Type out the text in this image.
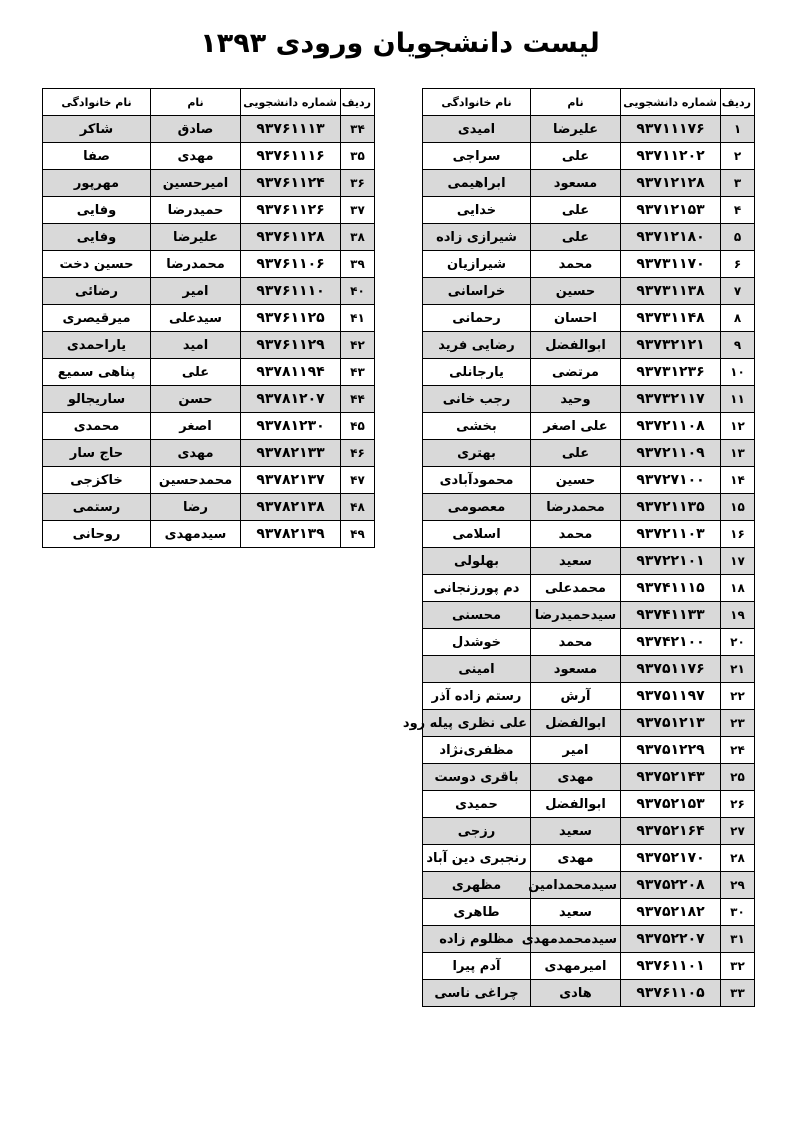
لیست دانشجویان ورودی ۱۳۹۳
ردیف	شماره دانشجویی	نام	نام خانوادگی
۱	۹۳۷۱۱۱۷۶	علیرضا	امیدی
۲	۹۳۷۱۱۲۰۲	علی	سراجی
۳	۹۳۷۱۲۱۲۸	مسعود	ابراهیمی
۴	۹۳۷۱۲۱۵۳	علی	خدایی
۵	۹۳۷۱۲۱۸۰	علی	شیرازی زاده
۶	۹۳۷۳۱۱۷۰	محمد	شیرازیان
۷	۹۳۷۳۱۱۳۸	حسین	خراسانی
۸	۹۳۷۳۱۱۴۸	احسان	رحمانی
۹	۹۳۷۳۲۱۲۱	ابوالفضل	رضایی فرید
۱۰	۹۳۷۳۱۲۳۶	مرتضی	یارجانلی
۱۱	۹۳۷۳۲۱۱۷	وحید	رجب خانی
۱۲	۹۳۷۲۱۱۰۸	علی اصغر	بخشی
۱۳	۹۳۷۲۱۱۰۹	علی	بهتری
۱۴	۹۳۷۲۷۱۰۰	حسین	محمودآبادی
۱۵	۹۳۷۲۱۱۳۵	محمدرضا	معصومی
۱۶	۹۳۷۲۱۱۰۳	محمد	اسلامی
۱۷	۹۳۷۲۲۱۰۱	سعید	بهلولی
۱۸	۹۳۷۴۱۱۱۵	محمدعلی	دم پورزنجانی
۱۹	۹۳۷۴۱۱۳۳	سیدحمیدرضا	محسنی
۲۰	۹۳۷۴۲۱۰۰	محمد	خوشدل
۲۱	۹۳۷۵۱۱۷۶	مسعود	امینی
۲۲	۹۳۷۵۱۱۹۷	آرش	رستم زاده آذر
۲۳	۹۳۷۵۱۲۱۳	ابوالفضل	علی نظری پیله رود
۲۴	۹۳۷۵۱۲۲۹	امیر	مظفری‌نژاد
۲۵	۹۳۷۵۲۱۴۳	مهدی	باقری دوست
۲۶	۹۳۷۵۲۱۵۳	ابوالفضل	حمیدی
۲۷	۹۳۷۵۲۱۶۴	سعید	رزجی
۲۸	۹۳۷۵۲۱۷۰	مهدی	رنجبری دین آباد
۲۹	۹۳۷۵۲۲۰۸	سیدمحمدامین	مظهری
۳۰	۹۳۷۵۲۱۸۲	سعید	طاهری
۳۱	۹۳۷۵۲۲۰۷	سیدمحمدمهدی	مظلوم زاده
۳۲	۹۳۷۶۱۱۰۱	امیرمهدی	آدم پیرا
۳۳	۹۳۷۶۱۱۰۵	هادی	چراغی ناسی
ردیف	شماره دانشجویی	نام	نام خانوادگی
۳۴	۹۳۷۶۱۱۱۳	صادق	شاکر
۳۵	۹۳۷۶۱۱۱۶	مهدی	صفا
۳۶	۹۳۷۶۱۱۲۴	امیرحسین	مهرپور
۳۷	۹۳۷۶۱۱۲۶	حمیدرضا	وفایی
۳۸	۹۳۷۶۱۱۲۸	علیرضا	وفایی
۳۹	۹۳۷۶۱۱۰۶	محمدرضا	حسین دخت
۴۰	۹۳۷۶۱۱۱۰	امیر	رضائی
۴۱	۹۳۷۶۱۱۲۵	سیدعلی	میرقیصری
۴۲	۹۳۷۶۱۱۲۹	امید	یاراحمدی
۴۳	۹۳۷۸۱۱۹۴	علی	پناهی سمیع
۴۴	۹۳۷۸۱۲۰۷	حسن	ساریجالو
۴۵	۹۳۷۸۱۲۳۰	اصغر	محمدی
۴۶	۹۳۷۸۲۱۳۳	مهدی	حاج سار
۴۷	۹۳۷۸۲۱۳۷	محمدحسین	خاکزجی
۴۸	۹۳۷۸۲۱۳۸	رضا	رستمی
۴۹	۹۳۷۸۲۱۳۹	سیدمهدی	روحانی
